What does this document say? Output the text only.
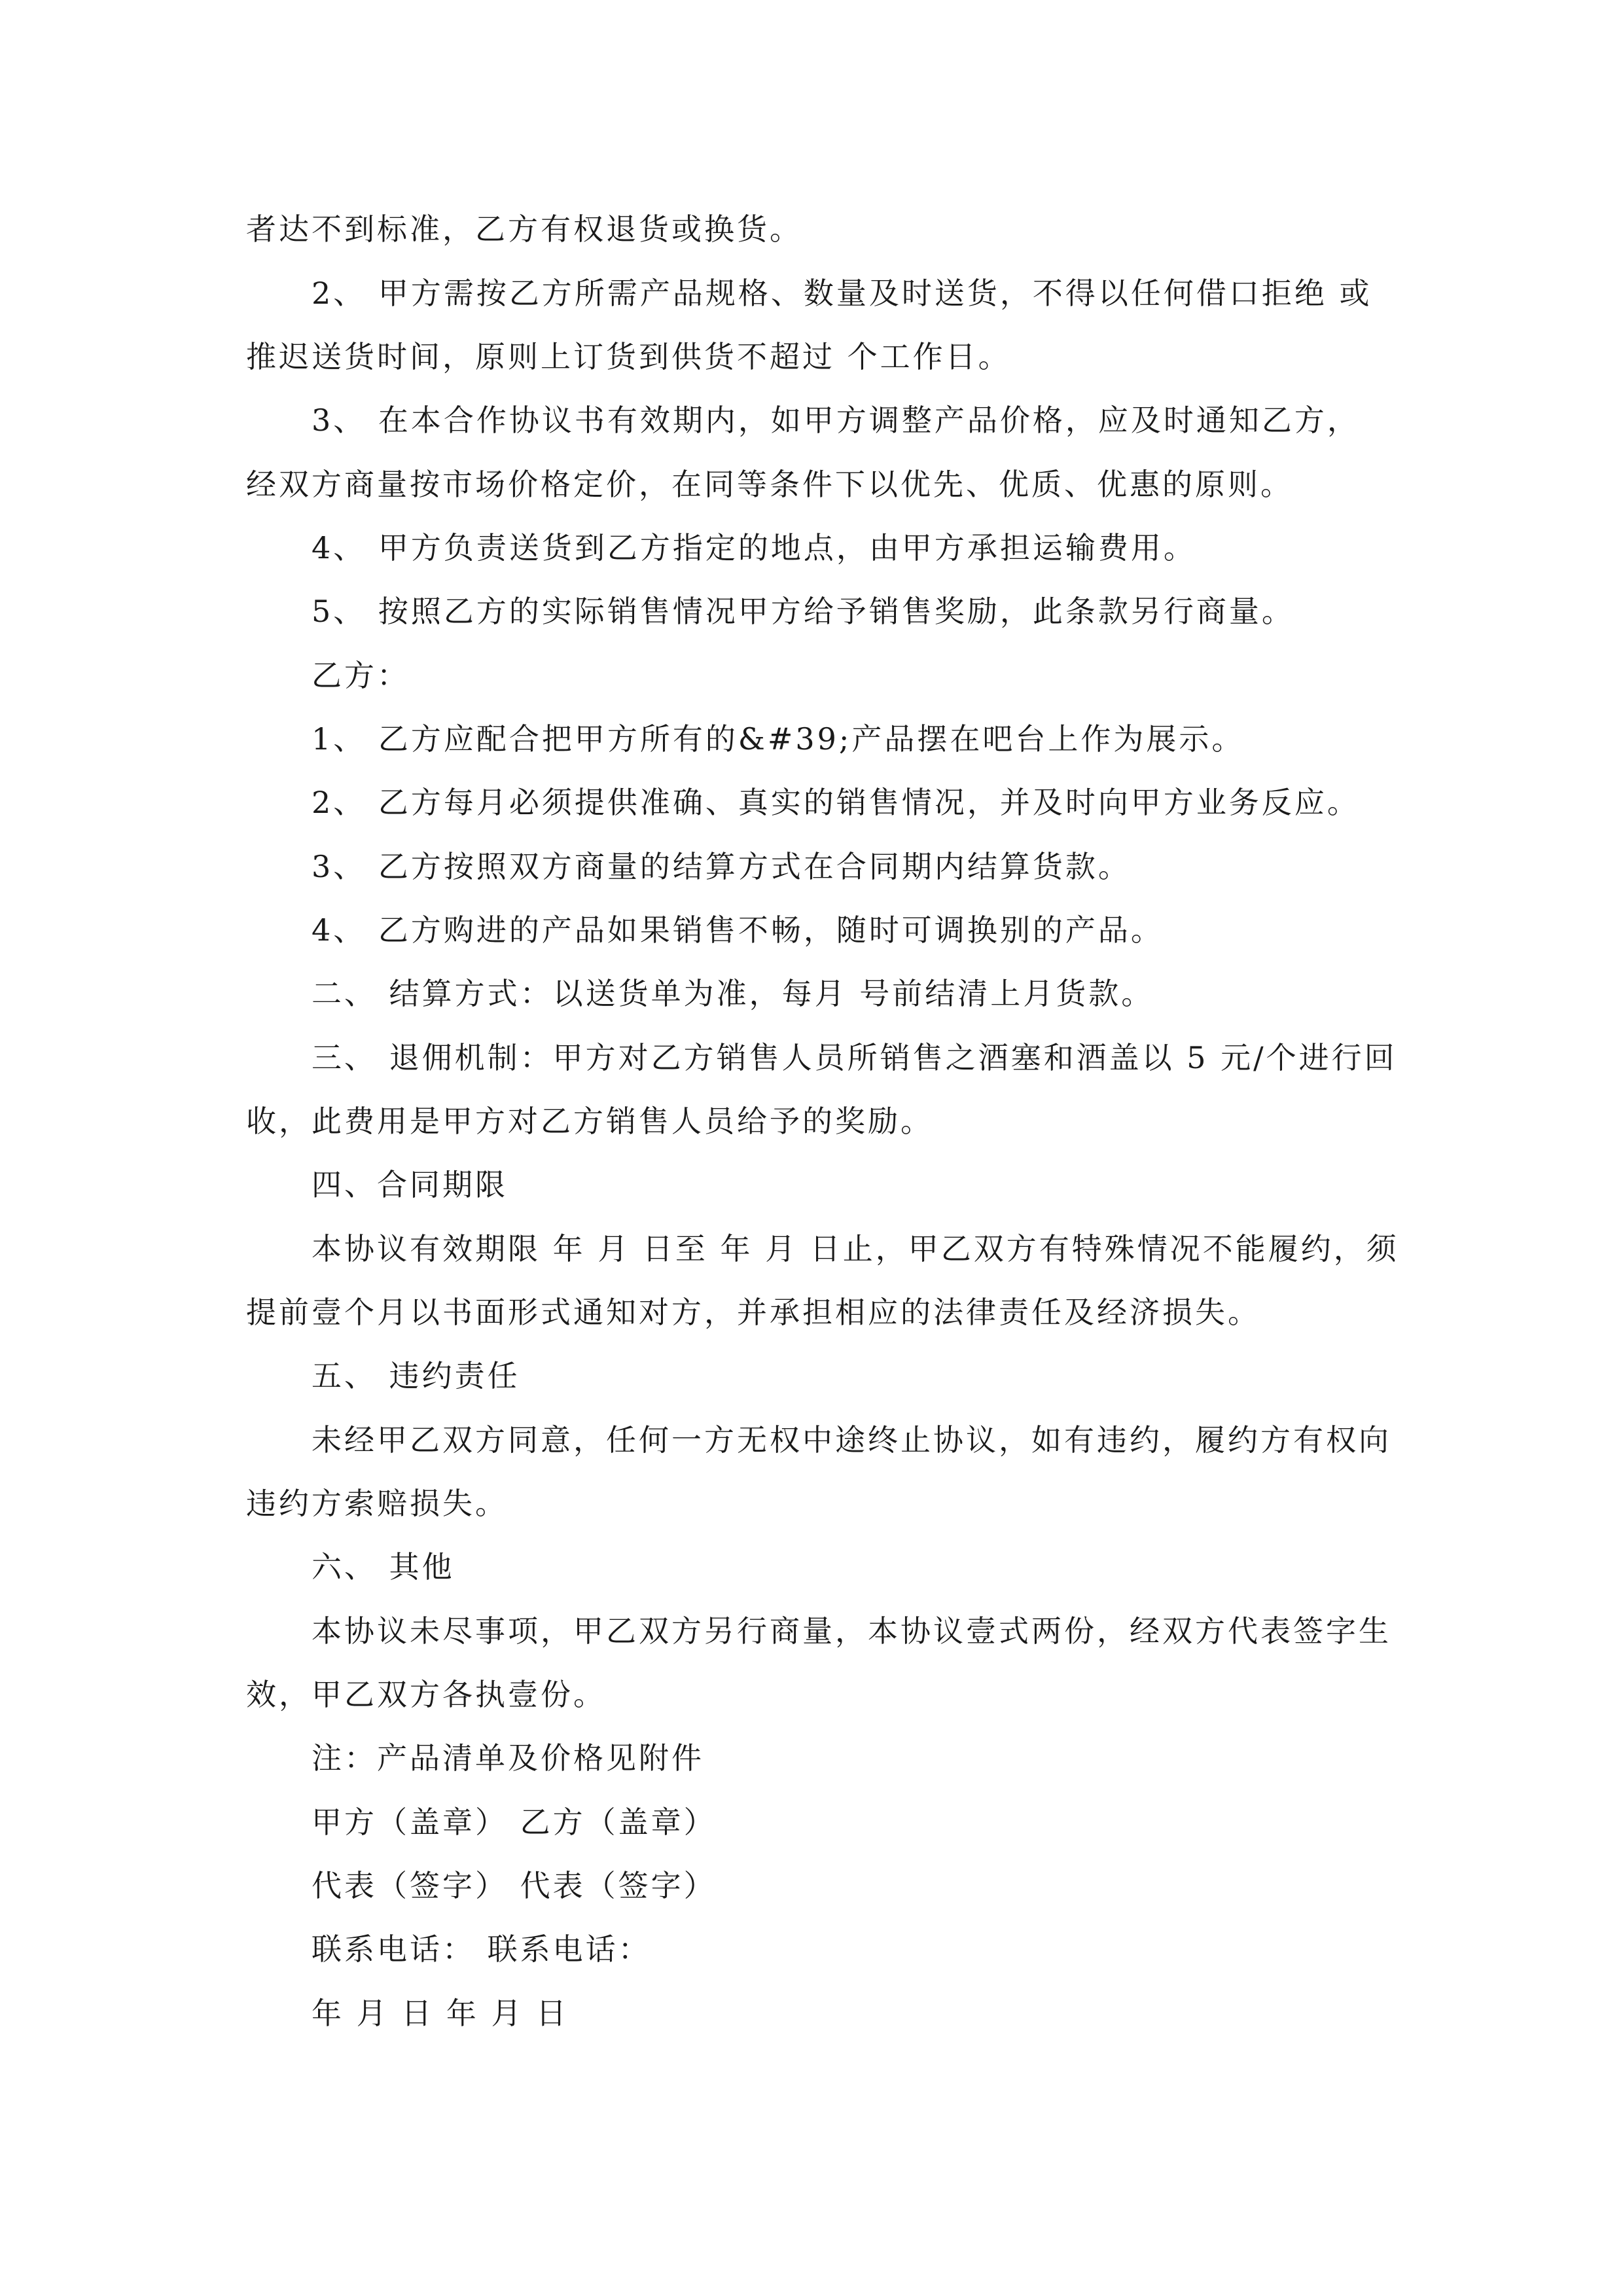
者达不到标准，乙方有权退货或换货。
2、 甲方需按乙方所需产品规格、数量及时送货，不得以任何借口拒绝 或
推迟送货时间，原则上订货到供货不超过 个工作日。
3、 在本合作协议书有效期内，如甲方调整产品价格，应及时通知乙方，
经双方商量按市场价格定价，在同等条件下以优先、优质、优惠的原则。
4、 甲方负责送货到乙方指定的地点，由甲方承担运输费用。
5、 按照乙方的实际销售情况甲方给予销售奖励，此条款另行商量。
乙方：
1、 乙方应配合把甲方所有的&#39;产品摆在吧台上作为展示。
2、 乙方每月必须提供准确、真实的销售情况，并及时向甲方业务反应。
3、 乙方按照双方商量的结算方式在合同期内结算货款。
4、 乙方购进的产品如果销售不畅，随时可调换别的产品。
二、 结算方式：以送货单为准，每月 号前结清上月货款。
三、 退佣机制：甲方对乙方销售人员所销售之酒塞和酒盖以 5 元/个进行回
收，此费用是甲方对乙方销售人员给予的奖励。
四、合同期限
本协议有效期限 年 月 日至 年 月 日止，甲乙双方有特殊情况不能履约，须
提前壹个月以书面形式通知对方，并承担相应的法律责任及经济损失。
五、 违约责任
未经甲乙双方同意，任何一方无权中途终止协议，如有违约，履约方有权向
违约方索赔损失。
六、 其他
本协议未尽事项，甲乙双方另行商量，本协议壹式两份，经双方代表签字生
效，甲乙双方各执壹份。
注：产品清单及价格见附件
甲方（盖章） 乙方（盖章）
代表（签字） 代表（签字）
联系电话： 联系电话：
年 月 日 年 月 日
